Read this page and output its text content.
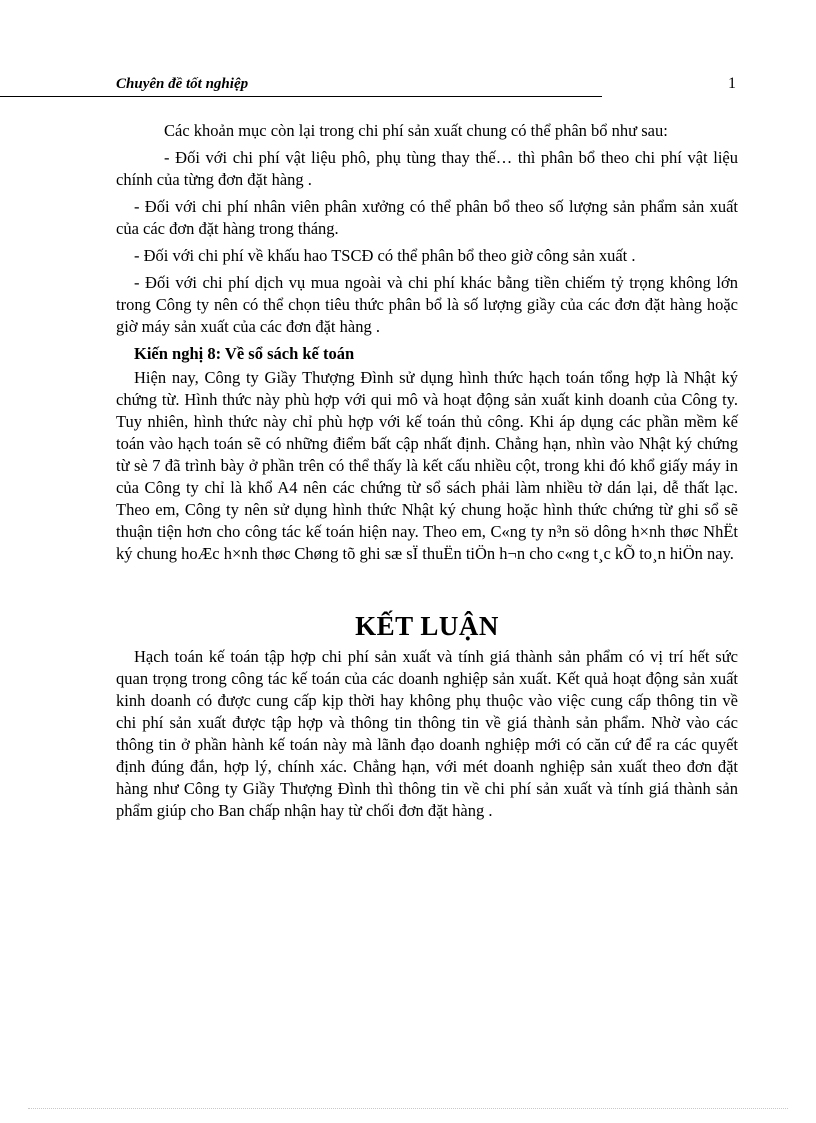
Chuyên đề tốt nghiệp	1

Các khoản mục còn lại trong chi phí sản xuất chung có thể phân bổ như sau:

- Đối với chi phí vật liệu phô, phụ tùng thay thế… thì phân bổ theo chi phí vật liệu chính của từng đơn đặt hàng .

- Đối với chi phí nhân viên phân xưởng có thể phân bổ theo số lượng sản phẩm sản xuất của các đơn đặt hàng trong tháng.

- Đối với chi phí về khấu hao TSCĐ có thể phân bổ theo giờ công sản xuất .

- Đối với chi phí dịch vụ mua ngoài và chi phí khác bằng tiền chiếm tỷ trọng không lớn trong Công ty nên có thể chọn tiêu thức phân bổ là số lượng giầy của các đơn đặt hàng hoặc giờ máy sản xuất của các đơn đặt hàng .

Kiến nghị 8: Về sổ sách kế toán

Hiện nay, Công ty Giầy Thượng Đình sử dụng hình thức hạch toán tổng hợp là Nhật ký chứng từ. Hình thức này phù hợp với qui mô và hoạt động sản xuất kinh doanh của Công ty. Tuy nhiên, hình thức này chỉ phù hợp với kế toán thủ công. Khi áp dụng các phần mềm kế toán vào hạch toán sẽ có những điểm bất cập nhất định. Chẳng hạn, nhìn vào Nhật ký chứng từ sè 7 đã trình bày ở phần trên có thể thấy là kết cấu nhiều cột, trong khi đó khổ giấy máy in của Công ty chỉ là khổ A4 nên các chứng từ sổ sách phải làm nhiều tờ dán lại, dễ thất lạc. Theo em, Công ty nên sử dụng hình thức Nhật ký chung hoặc hình thức chứng từ ghi sổ sẽ thuận tiện hơn cho công tác kế toán hiện nay. Theo em, C«ng ty n³n sö dông h×nh thøc NhËt ký chung hoÆc h×nh thøc Chøng tõ ghi sæ sÏ thuËn tiÖn h¬n cho c«ng t¸c kÕ to¸n hiÖn nay.

KẾT LUẬN

Hạch toán kế toán tập hợp chi phí sản xuất và tính giá thành sản phẩm có vị trí hết sức quan trọng trong công tác kế toán của các doanh nghiệp sản xuất. Kết quả hoạt động sản xuất kinh doanh có được cung cấp kịp thời hay không phụ thuộc vào việc cung cấp thông tin về chi phí sản xuất được tập hợp và thông tin thông tin về giá thành sản phẩm. Nhờ vào các thông tin ở phần hành kế toán này mà lãnh đạo doanh nghiệp mới có căn cứ để ra các quyết định đúng đắn, hợp lý, chính xác. Chẳng hạn, với mét doanh nghiệp sản xuất theo đơn đặt hàng như Công ty Giầy Thượng Đình thì thông tin về chi phí sản xuất và tính giá thành sản phẩm giúp cho Ban chấp nhận hay từ chối đơn đặt hàng .
